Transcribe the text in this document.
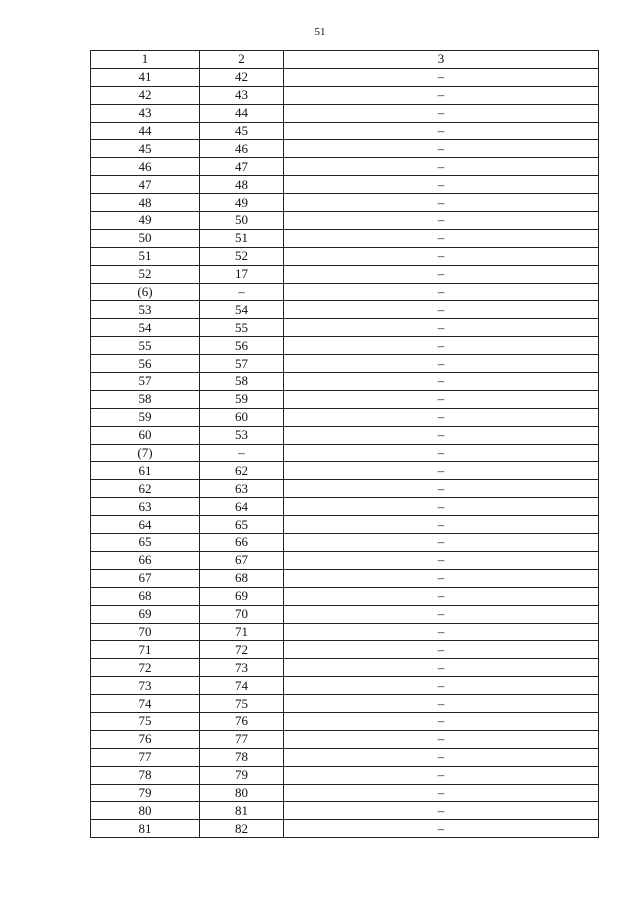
51
1	2	3
41	42	–
42	43	–
43	44	–
44	45	–
45	46	–
46	47	–
47	48	–
48	49	–
49	50	–
50	51	–
51	52	–
52	17	–
(6)	–	–
53	54	–
54	55	–
55	56	–
56	57	–
57	58	–
58	59	–
59	60	–
60	53	–
(7)	–	–
61	62	–
62	63	–
63	64	–
64	65	–
65	66	–
66	67	–
67	68	–
68	69	–
69	70	–
70	71	–
71	72	–
72	73	–
73	74	–
74	75	–
75	76	–
76	77	–
77	78	–
78	79	–
79	80	–
80	81	–
81	82	–
